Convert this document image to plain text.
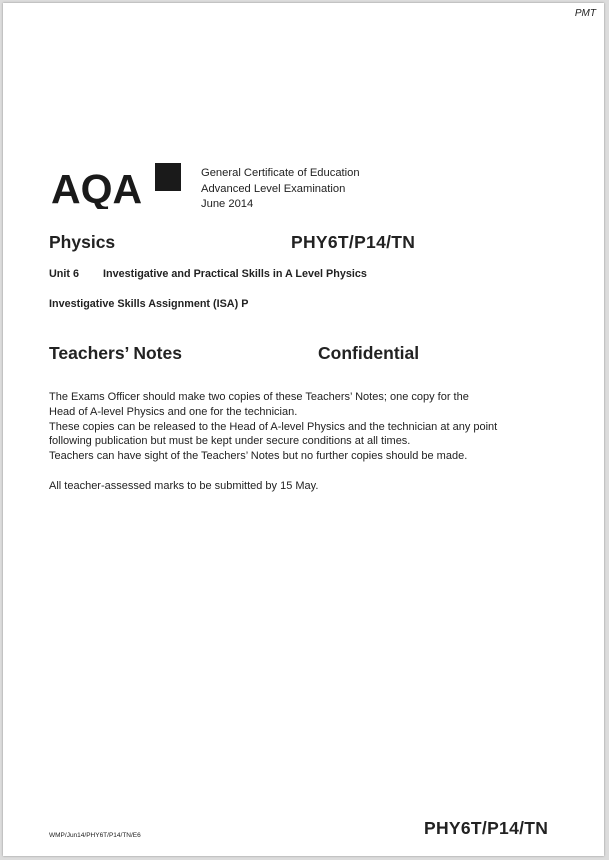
PMT
AQA	General Certificate of Education
Advanced Level Examination
June 2014
Physics	PHY6T/P14/TN
Unit 6 Investigative and Practical Skills in A Level Physics
Investigative Skills Assignment (ISA) P
Teachers’ Notes	Confidential

The Exams Officer should make two copies of these Teachers’ Notes; one copy for the

Head of A-level Physics and one for the technician.

These copies can be released to the Head of A-level Physics and the technician at any point

following publication but must be kept under secure conditions at all times.

Teachers can have sight of the Teachers’ Notes but no further copies should be made.

All teacher-assessed marks to be submitted by 15 May.

WMP/Jun14/PHY6T/P14/TN/E6	PHY6T/P14/TN
